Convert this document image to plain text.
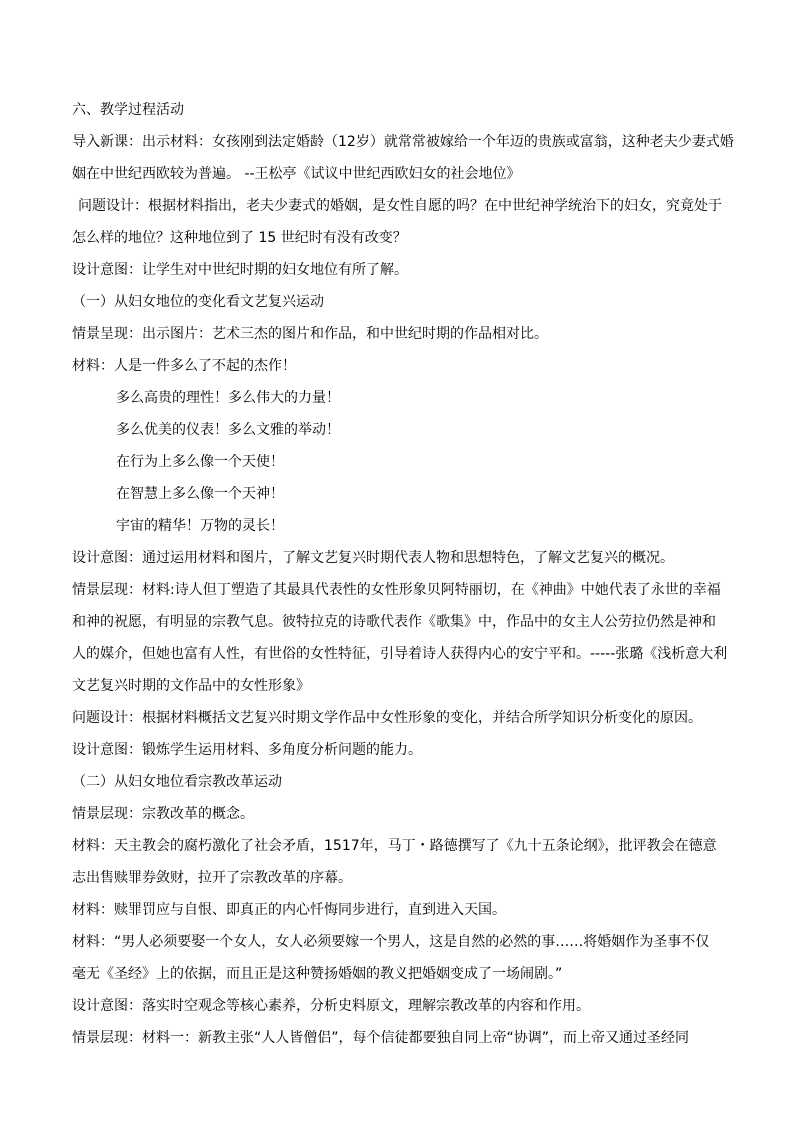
六、教学过程活动
导入新课：出示材料：女孩刚到法定婚龄（12岁）就常常被嫁给一个年迈的贵族或富翁，这种老夫少妻式婚
姻在中世纪西欧较为普遍。 --王松亭《试议中世纪西欧妇女的社会地位》
问题设计：根据材料指出，老夫少妻式的婚姻，是女性自愿的吗？在中世纪神学统治下的妇女，究竟处于
怎么样的地位？这种地位到了 15 世纪时有没有改变？
设计意图：让学生对中世纪时期的妇女地位有所了解。
（一）从妇女地位的变化看文艺复兴运动
情景呈现：出示图片：艺术三杰的图片和作品，和中世纪时期的作品相对比。
材料：人是一件多么了不起的杰作！
多么高贵的理性！多么伟大的力量！
多么优美的仪表！多么文雅的举动！
在行为上多么像一个天使！
在智慧上多么像一个天神！
宇宙的精华！万物的灵长！
设计意图：通过运用材料和图片，了解文艺复兴时期代表人物和思想特色，了解文艺复兴的概况。
情景层现：材料:诗人但丁塑造了其最具代表性的女性形象贝阿特丽切，在《神曲》中她代表了永世的幸福
和神的祝愿，有明显的宗教气息。彼特拉克的诗歌代表作《歌集》中，作品中的女主人公劳拉仍然是神和
人的媒介，但她也富有人性，有世俗的女性特征，引导着诗人获得内心的安宁平和。-----张璐《浅析意大利
文艺复兴时期的文作品中的女性形象》
问题设计：根据材料概括文艺复兴时期文学作品中女性形象的变化，并结合所学知识分析变化的原因。
设计意图：锻炼学生运用材料、多角度分析问题的能力。
（二）从妇女地位看宗教改革运动
情景层现：宗教改革的概念。
材料：天主教会的腐朽激化了社会矛盾，1517年，马丁・路德撰写了《九十五条论纲》，批评教会在德意
志出售赎罪券敛财，拉开了宗教改革的序幕。
材料：赎罪罚应与自恨、即真正的内心忏悔同步进行，直到进入天国。
材料：“男人必须要娶一个女人，女人必须要嫁一个男人，这是自然的必然的事……将婚姻作为圣事不仅
毫无《圣经》上的依据，而且正是这种赞扬婚姻的教义把婚姻变成了一场闹剧。”
设计意图：落实时空观念等核心素养，分析史料原文，理解宗教改革的内容和作用。
情景层现：材料一：新教主张“人人皆僧侣”，每个信徒都要独自同上帝“协调”，而上帝又通过圣经同
